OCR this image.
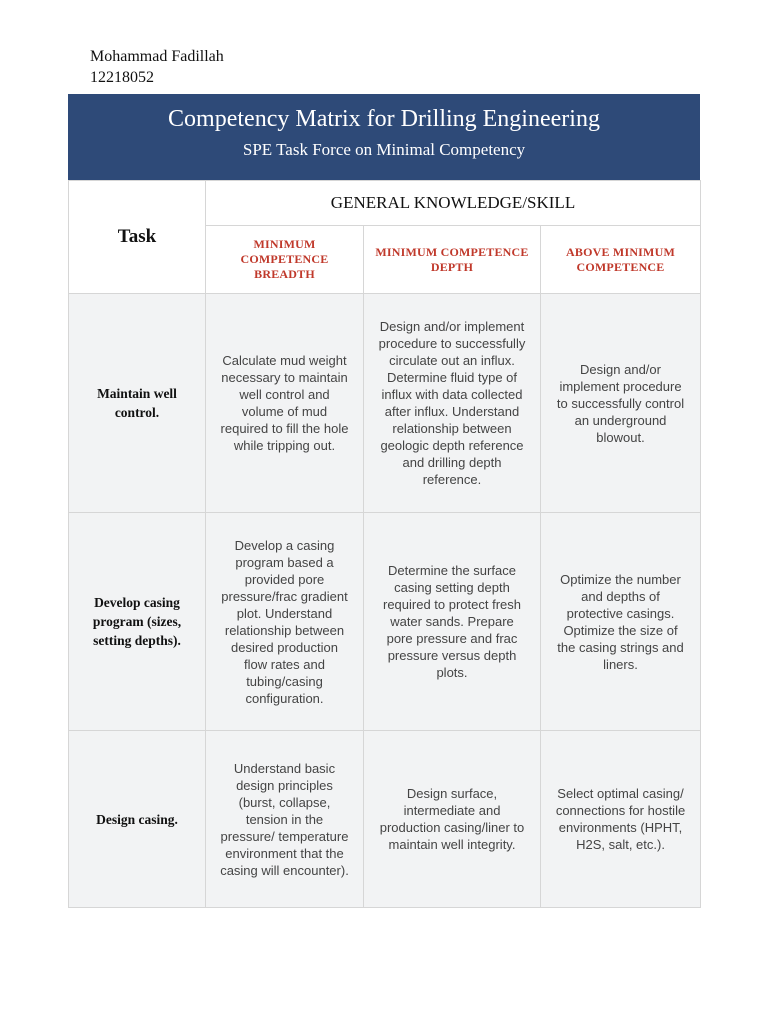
Mohammad Fadillah
12218052
Competency Matrix for Drilling Engineering
SPE Task Force on Minimal Competency
Task	GENERAL KNOWLEDGE/SKILL		
	MINIMUM COMPETENCE BREADTH	MINIMUM COMPETENCE DEPTH	ABOVE MINIMUM COMPETENCE
Maintain well control.	Calculate mud weight necessary to maintain well control and volume of mud required to fill the hole while tripping out.	Design and/or implement procedure to successfully circulate out an influx. Determine fluid type of influx with data collected after influx. Understand relationship between geologic depth reference and drilling depth reference.	Design and/or implement procedure to successfully control an underground blowout.
Develop casing program (sizes, setting depths).	Develop a casing program based a provided pore pressure/frac gradient plot. Understand relationship between desired production flow rates and tubing/casing configuration.	Determine the surface casing setting depth required to protect fresh water sands. Prepare pore pressure and frac pressure versus depth plots.	Optimize the number and depths of protective casings. Optimize the size of the casing strings and liners.
Design casing.	Understand basic design principles (burst, collapse, tension in the pressure/ temperature environment that the casing will encounter).	Design surface, intermediate and production casing/liner to maintain well integrity.	Select optimal casing/ connections for hostile environments (HPHT, H2S, salt, etc.).
